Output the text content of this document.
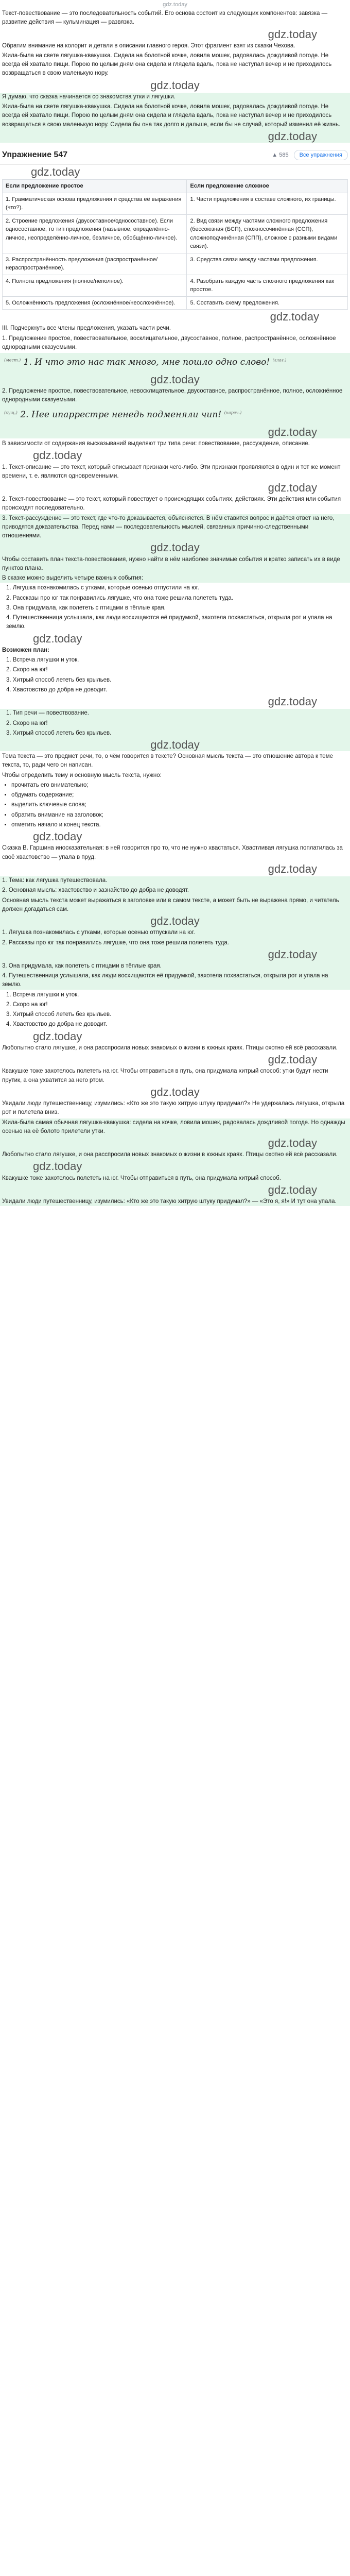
gdz.today

Текст-повествование — это последовательность событий. Его основа состоит из следующих компонентов: завязка — развитие действия — кульминация — развязка.

gdz.today

Обратим внимание на колорит и детали в описании главного героя. Этот фрагмент взят из сказки Чехова.

Жила-была на свете лягушка-квакушка. Сидела на болотной кочке, ловила мошек, радовалась дождливой погоде. Не всегда ей хватало пищи. Порою по целым дням она сидела и глядела вдаль, пока не наступал вечер и не приходилось возвращаться в свою маленькую нору.

gdz.today

Я думаю, что сказка начинается со знакомства утки и лягушки.

Жила-была на свете лягушка-квакушка. Сидела на болотной кочке, ловила мошек, радовалась дождливой погоде. Не всегда ей хватало пищи. Порою по целым дням она сидела и глядела вдаль, пока не наступал вечер и не приходилось возвращаться в свою маленькую нору. Сидела бы она так долго и дальше, если бы не случай, который изменил её жизнь.

gdz.today
Упражнение 547	▲ 585	Все упражнения
gdz.today
Если предложение простое	Если предложение сложное
1. Грамматическая основа предложения и средства её выражения (что?).	1. Части предложения в составе сложного, их границы.
2. Строение предложения (двусоставное/односоставное). Если односоставное, то тип предложения (назывное, определённо-личное, неопределённо-личное, безличное, обобщённо-личное).	2. Вид связи между частями сложного предложения (бессоюзная (БСП), сложносочинённая (ССП), сложноподчинённая (СПП), сложное с разными видами связи).
3. Распространённость предложения (распространённое/нераспространённое).	3. Средства связи между частями предложения.
4. Полнота предложения (полное/неполное).	4. Разобрать каждую часть сложного предложения как простое.
5. Осложнённость предложения (осложнённое/неосложнённое).	5. Составить схему предложения.
gdz.today

III. Подчеркнуть все члены предложения, указать части речи.

1. Предложение простое, повествовательное, восклицательное, двусоставное, полное, распространённое, осложнённое однородными сказуемыми.

$^{(мест.)}$ 1. И что это нас так много, мне пошло одно слово! $^{(глаг.)}$
gdz.today

2. Предложение простое, повествовательное, невосклицательное, двусоставное, распространённое, полное, осложнённое однородными сказуемыми.

$^{(сущ.)}$ 2. Нее ипаррестре ненедь подменяли чип! $^{(нареч.)}$
gdz.today

В зависимости от содержания высказываний выделяют три типа речи: повествование, рассуждение, описание.

gdz.today

1. Текст-описание — это текст, который описывает признаки чего-либо. Эти признаки проявляются в один и тот же момент времени, т. е. являются одновременными.

gdz.today

2. Текст-повествование — это текст, который повествует о происходящих событиях, действиях. Эти действия или события происходят последовательно.

3. Текст-рассуждение — это текст, где что-то доказывается, объясняется. В нём ставится вопрос и даётся ответ на него, приводятся доказательства. Перед нами — последовательность мыслей, связанных причинно-следственными отношениями.

gdz.today

Чтобы составить план текста-повествования, нужно найти в нём наиболее значимые события и кратко записать их в виде пунктов плана.

В сказке можно выделить четыре важных события:

1. Лягушка познакомилась с утками, которые осенью отпустили на юг.
2. Рассказы про юг так понравились лягушке, что она тоже решила полететь туда.
3. Она придумала, как полететь с птицами в тёплые края.
4. Путешественница услышала, как люди восхищаются её придумкой, захотела похвастаться, открыла рот и упала на землю.
gdz.today

Возможен план:

1. Встреча лягушки и уток.
2. Скоро на юг!
3. Хитрый способ лететь без крыльев.
4. Хвастовство до добра не доводит.
gdz.today
1. Тип речи — повествование.
2. Скоро на юг!
3. Хитрый способ лететь без крыльев.
gdz.today

Тема текста — это предмет речи, то, о чём говорится в тексте? Основная мысль текста — это отношение автора к теме текста, то, ради чего он написан.

Чтобы определить тему и основную мысль текста, нужно:

• прочитать его внимательно;
• обдумать содержание;
• выделить ключевые слова;
• обратить внимание на заголовок;
• отметить начало и конец текста.
gdz.today

Сказка В. Гаршина иносказательная: в ней говорится про то, что не нужно хвастаться. Хвастливая лягушка поплатилась за своё хвастовство — упала в пруд.

gdz.today

1. Тема: как лягушка путешествовала.

2. Основная мысль: хвастовство и зазнайство до добра не доводят.

Основная мысль текста может выражаться в заголовке или в самом тексте, а может быть не выражена прямо, и читатель должен догадаться сам.

gdz.today

1. Лягушка познакомилась с утками, которые осенью отпускали на юг.

2. Рассказы про юг так понравились лягушке, что она тоже решила полететь туда.

gdz.today

3. Она придумала, как полететь с птицами в тёплые края.

4. Путешественница услышала, как люди восхищаются её придумкой, захотела похвастаться, открыла рот и упала на землю.

1. Встреча лягушки и уток.
2. Скоро на юг!
3. Хитрый способ лететь без крыльев.
4. Хвастовство до добра не доводит.
gdz.today

Любопытно стало лягушке, и она расспросила новых знакомых о жизни в южных краях. Птицы охотно ей всё рассказали.

gdz.today

Квакушке тоже захотелось полететь на юг. Чтобы отправиться в путь, она придумала хитрый способ: утки будут нести прутик, а она ухватится за него ртом.

gdz.today

Увидали люди путешественницу, изумились: «Кто же это такую хитрую штуку придумал?» Не удержалась лягушка, открыла рот и полетела вниз.

Жила-была самая обычная лягушка-квакушка: сидела на кочке, ловила мошек, радовалась дождливой погоде. Но однажды осенью на её болото прилетели утки.

gdz.today

Любопытно стало лягушке, и она расспросила новых знакомых о жизни в южных краях. Птицы охотно ей всё рассказали.

gdz.today

Квакушке тоже захотелось полететь на юг. Чтобы отправиться в путь, она придумала хитрый способ.

gdz.today

Увидали люди путешественницу, изумились: «Кто же это такую хитрую штуку придумал?» — «Это я, я!» И тут она упала.
